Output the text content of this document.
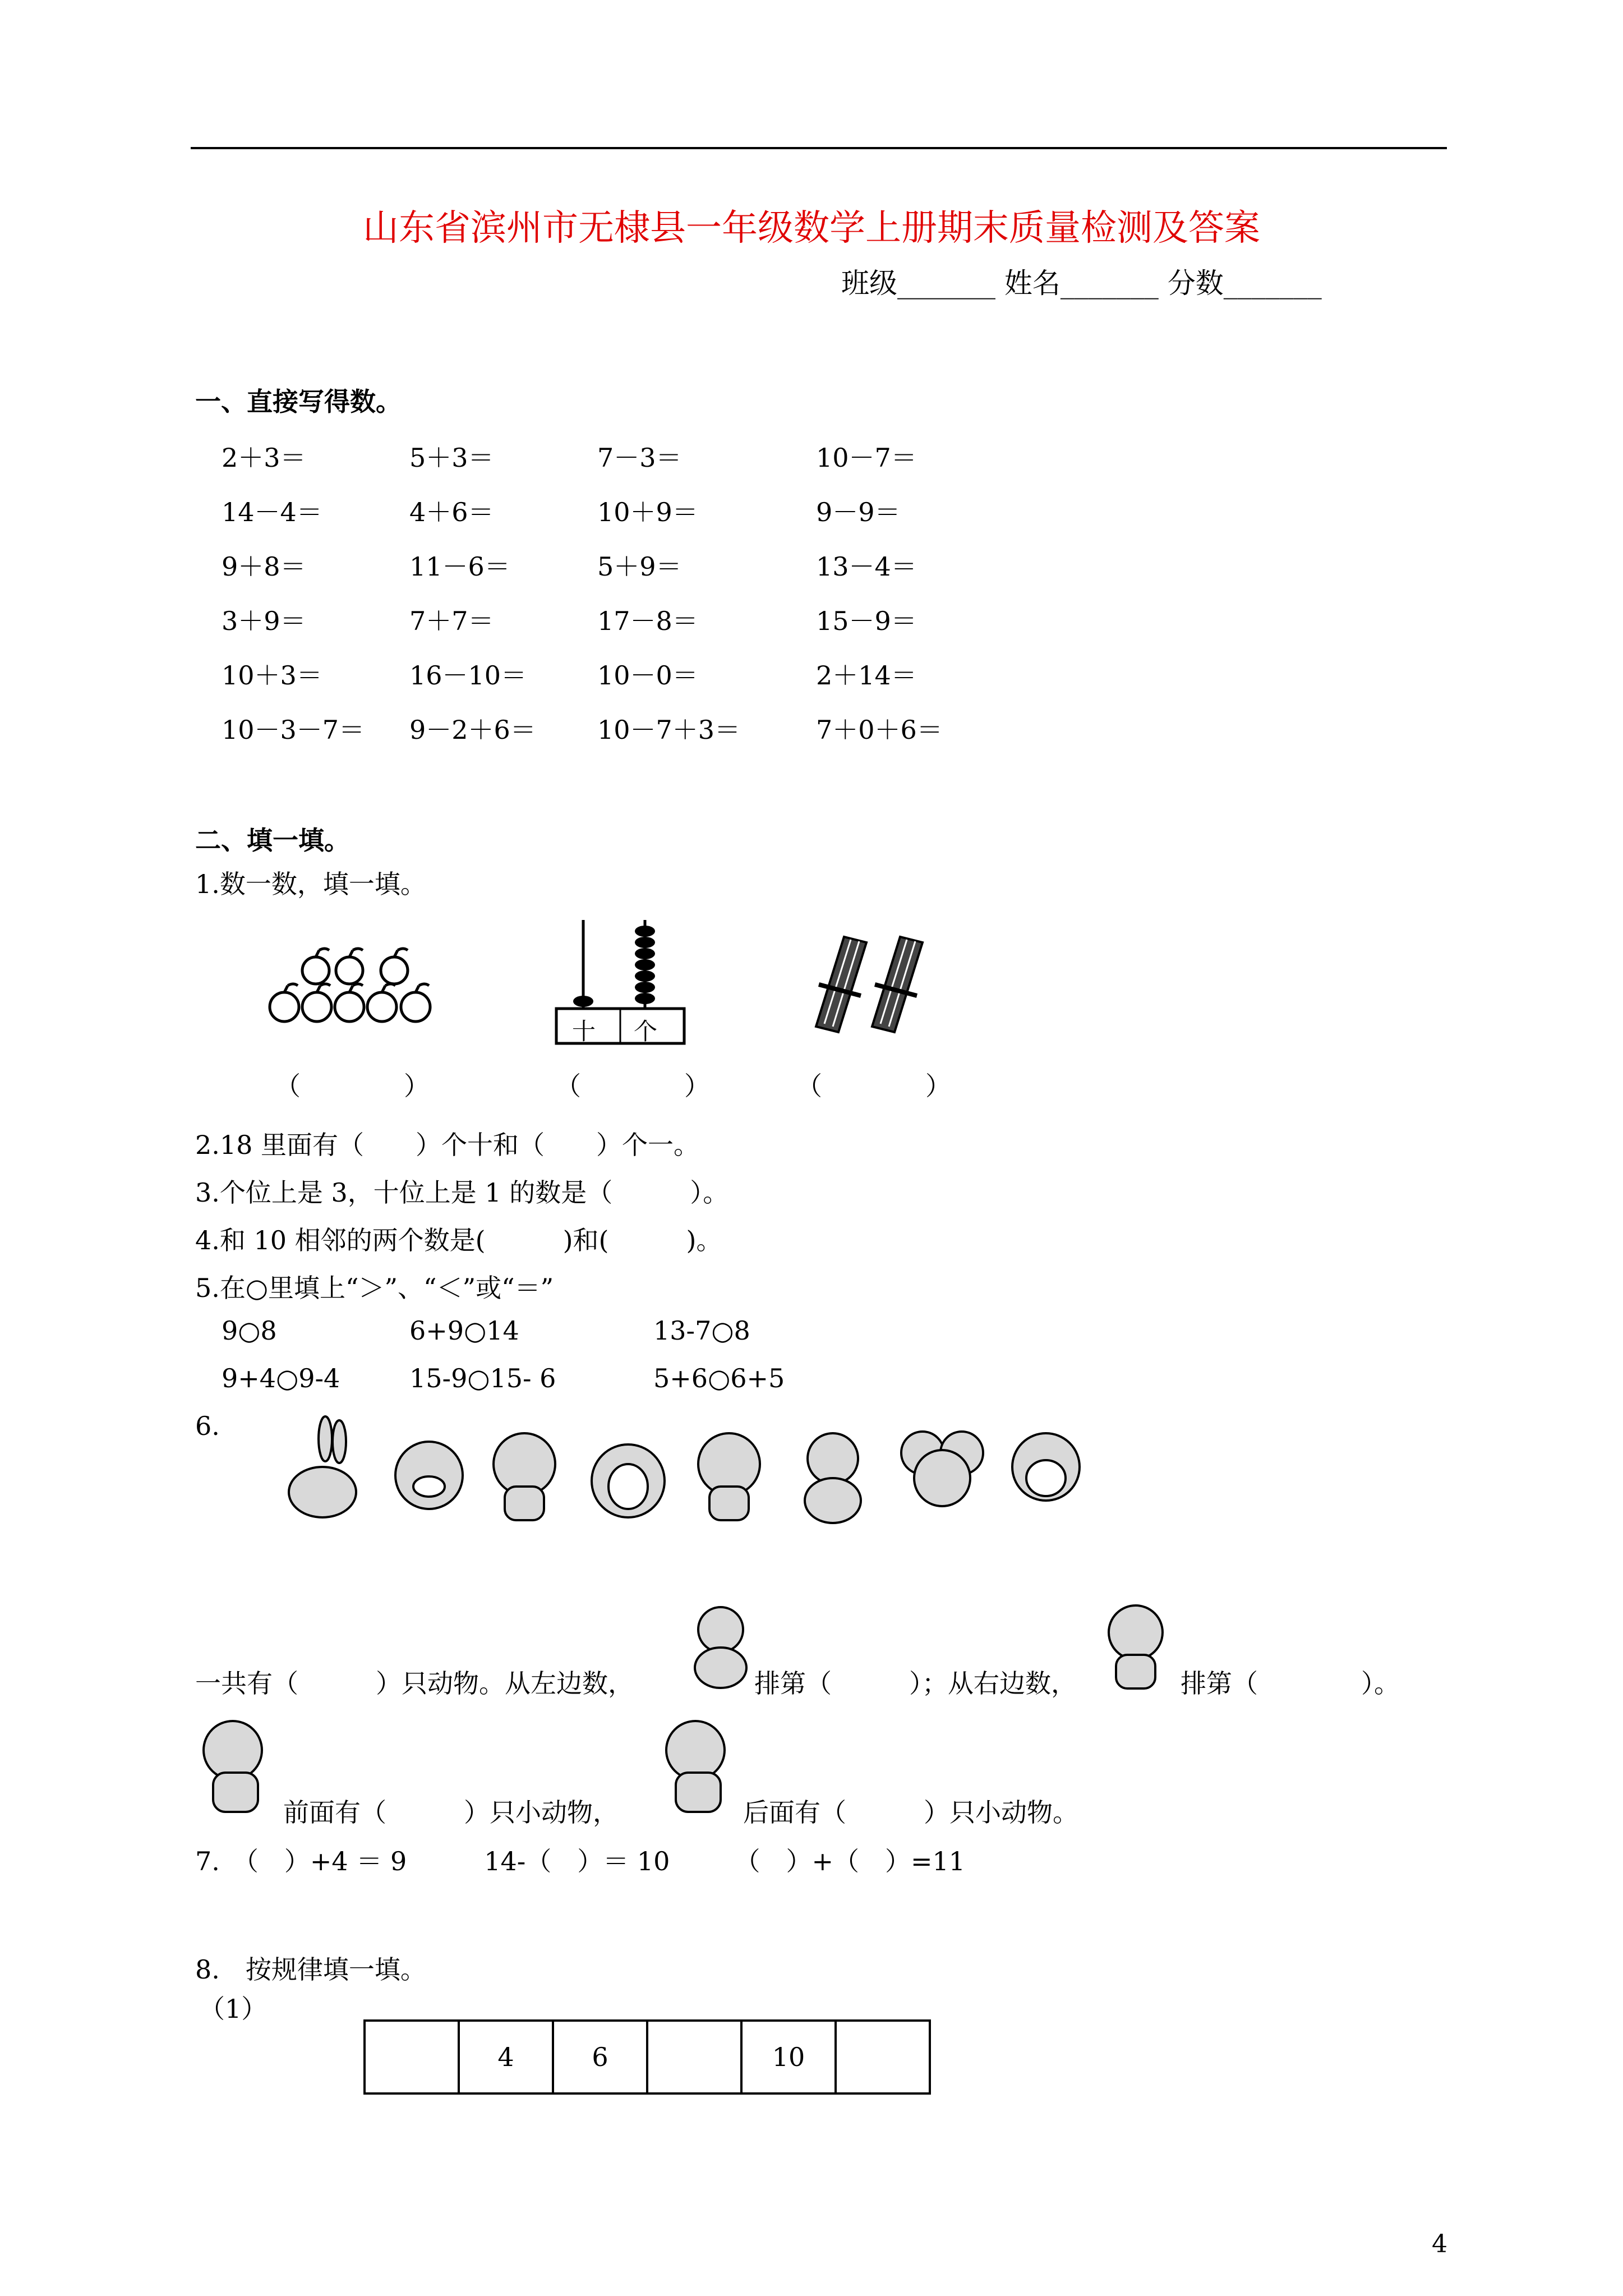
山东省滨州市无棣县一年级数学上册期末质量检测及答案
班级_______ 姓名_______ 分数_______
一、直接写得数。
2＋3＝	5＋3＝	7－3＝	10－7＝
14－4＝	4＋6＝	10＋9＝	9－9＝
9＋8＝	11－6＝	5＋9＝	13－4＝
3＋9＝	7＋7＝	17－8＝	15－9＝
10＋3＝	16－10＝	10－0＝	2＋14＝
10－3－7＝ 9－2＋6＝ 10－7＋3＝	7＋0＋6＝
二、填一填。
1.数一数，填一填。
十 个
（　　　　）	（　　　　）	（　　　　）
2.18 里面有（　　）个十和（　　）个一。
3.个位上是 3，十位上是 1 的数是（　　　）。
4.和 10 相邻的两个数是(　　　)和(　　　)。
5.在○里填上“＞”、“＜”或“＝”
9○8	6+9○14	13-7○8
9+4○9-4	15-9○15- 6	5+6○6+5
6.
一共有（　　　）只动物。从左边数，	排第（　　　）；从右边数，	排第（　　　　）。
前面有（　　　）只小动物，	后面有（　　　）只小动物。
7.　（　）+4 ＝ 9　　　14-（　）＝ 10　　　（　）+（　）=11
8.　按规律填一填。
（1）
	4	6		10	
4
